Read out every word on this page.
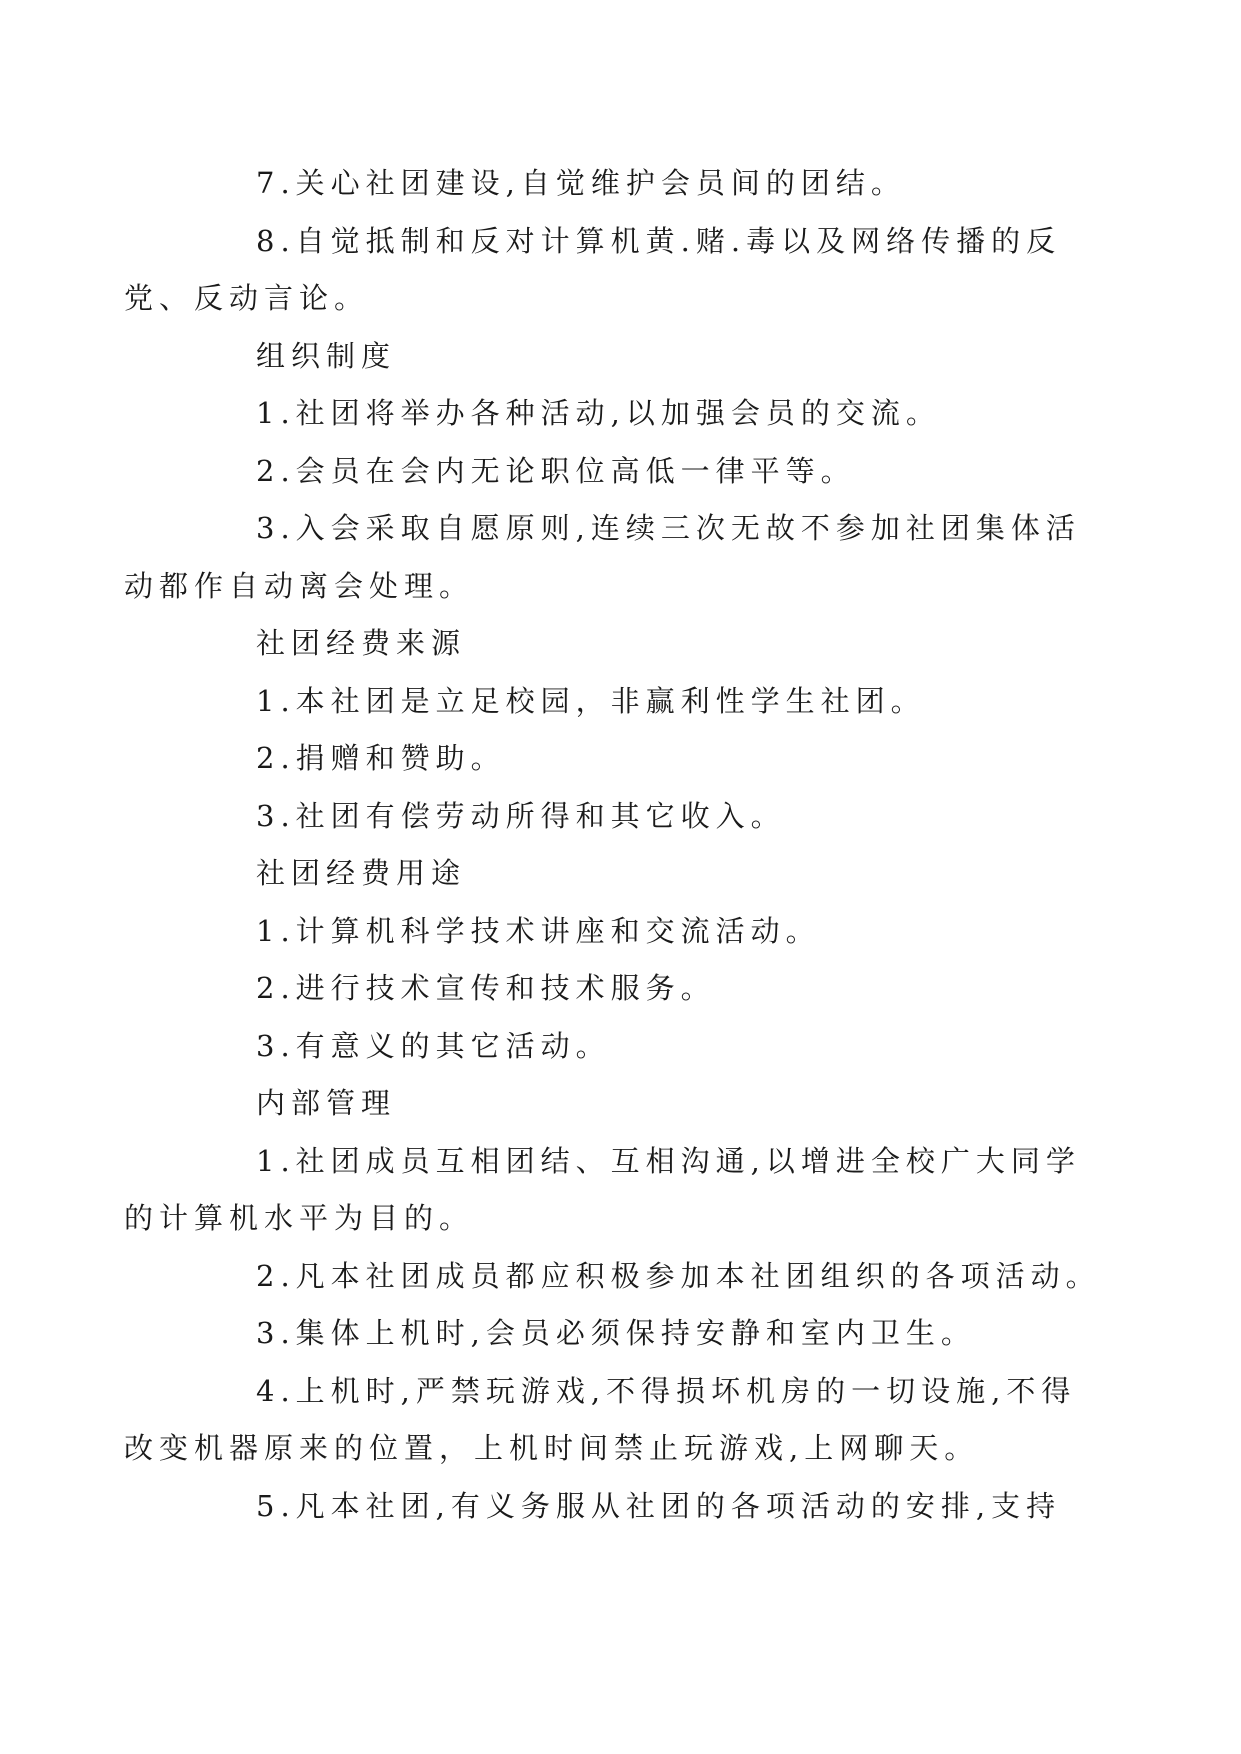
7.关心社团建设,自觉维护会员间的团结。
8.自觉抵制和反对计算机黄.赌.毒以及网络传播的反
党、反动言论。
组织制度
1.社团将举办各种活动,以加强会员的交流。
2.会员在会内无论职位高低一律平等。
3.入会采取自愿原则,连续三次无故不参加社团集体活
动都作自动离会处理。
社团经费来源
1.本社团是立足校园，非赢利性学生社团。
2.捐赠和赞助。
3.社团有偿劳动所得和其它收入。
社团经费用途
1.计算机科学技术讲座和交流活动。
2.进行技术宣传和技术服务。
3.有意义的其它活动。
内部管理
1.社团成员互相团结、互相沟通,以增进全校广大同学
的计算机水平为目的。
2.凡本社团成员都应积极参加本社团组织的各项活动。
3.集体上机时,会员必须保持安静和室内卫生。
4.上机时,严禁玩游戏,不得损坏机房的一切设施,不得
改变机器原来的位置，上机时间禁止玩游戏,上网聊天。
5.凡本社团,有义务服从社团的各项活动的安排,支持
